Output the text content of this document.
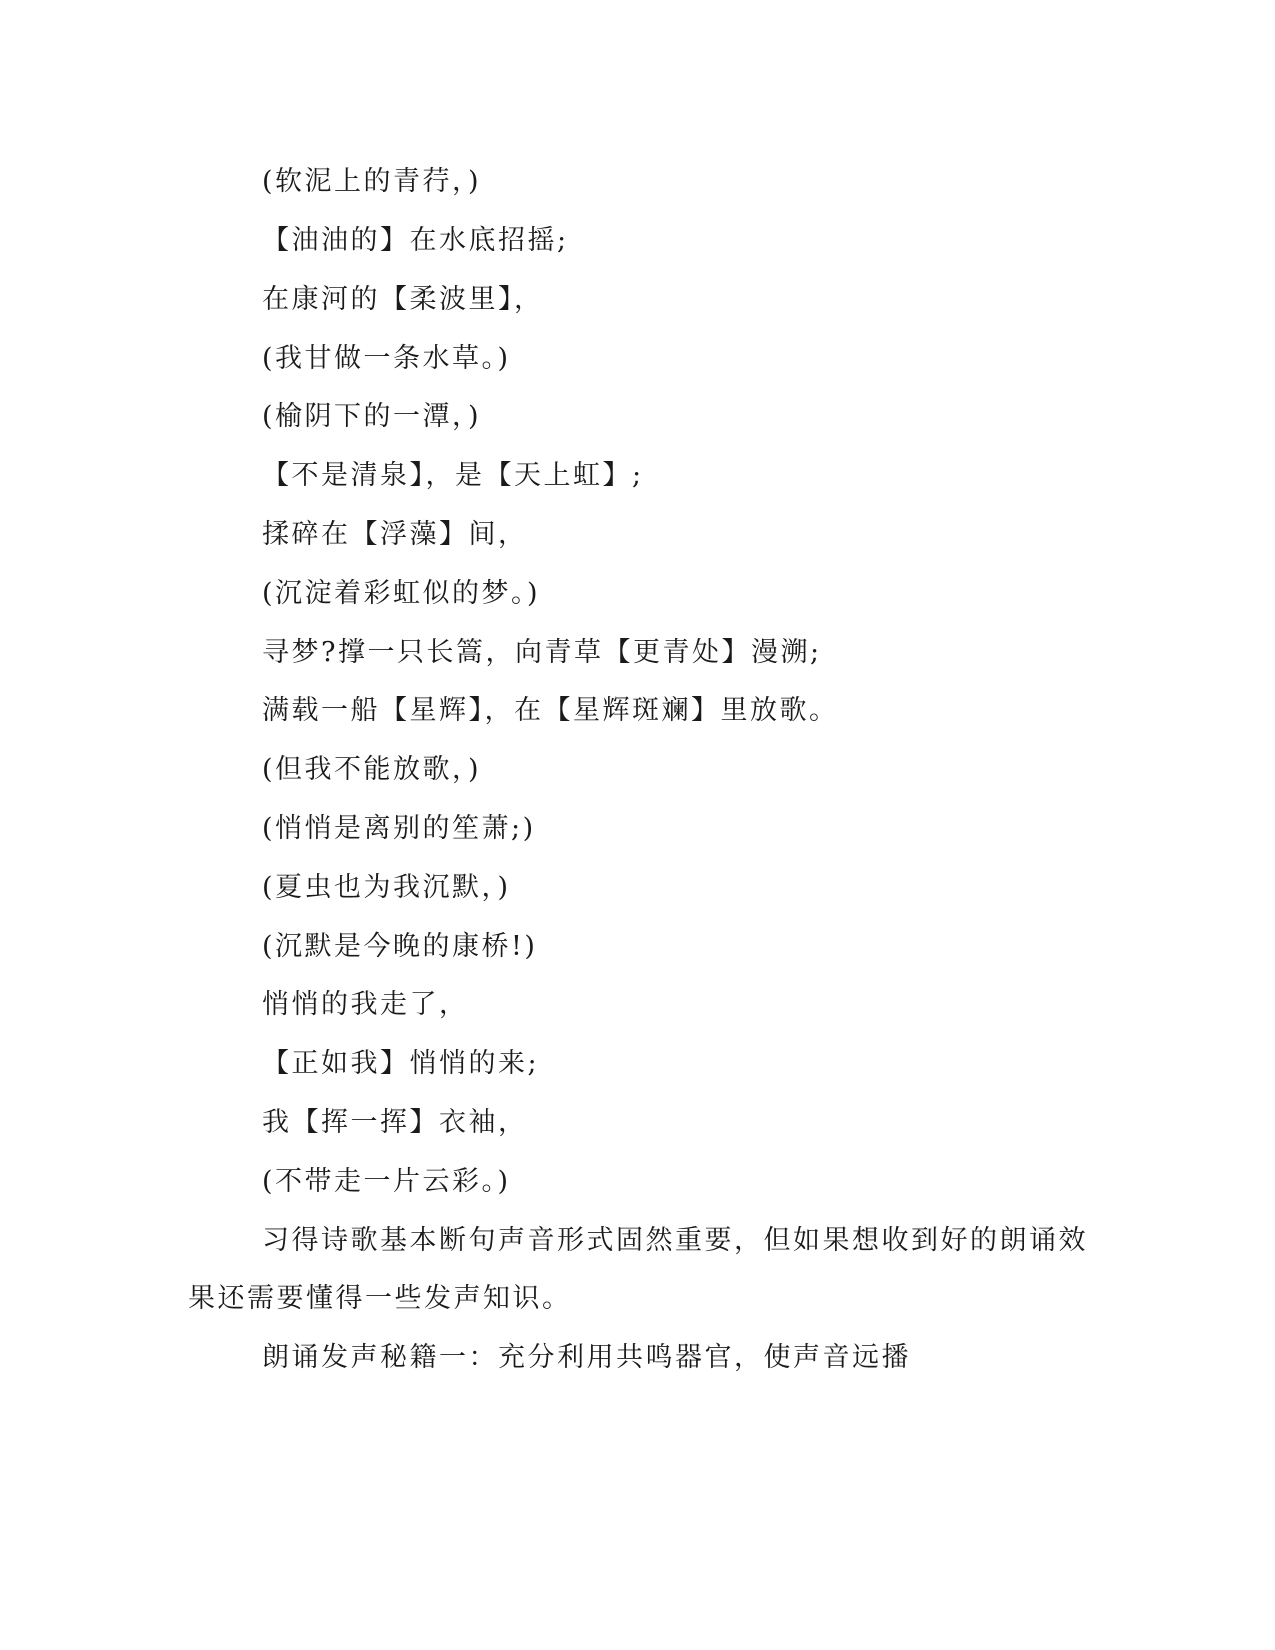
(软泥上的青荇，)
【油油的】在水底招摇;
在康河的【柔波里】，
(我甘做一条水草。)
(榆阴下的一潭，)
【不是清泉】，是【天上虹】;
揉碎在【浮藻】间，
(沉淀着彩虹似的梦。)
寻梦?撑一只长篙，向青草【更青处】漫溯;
满载一船【星辉】，在【星辉斑斓】里放歌。
(但我不能放歌，)
(悄悄是离别的笙萧;)
(夏虫也为我沉默，)
(沉默是今晚的康桥!)
悄悄的我走了，
【正如我】悄悄的来;
我【挥一挥】衣袖，
(不带走一片云彩。)
习得诗歌基本断句声音形式固然重要，但如果想收到好的朗诵效
果还需要懂得一些发声知识。
朗诵发声秘籍一：充分利用共鸣器官，使声音远播
